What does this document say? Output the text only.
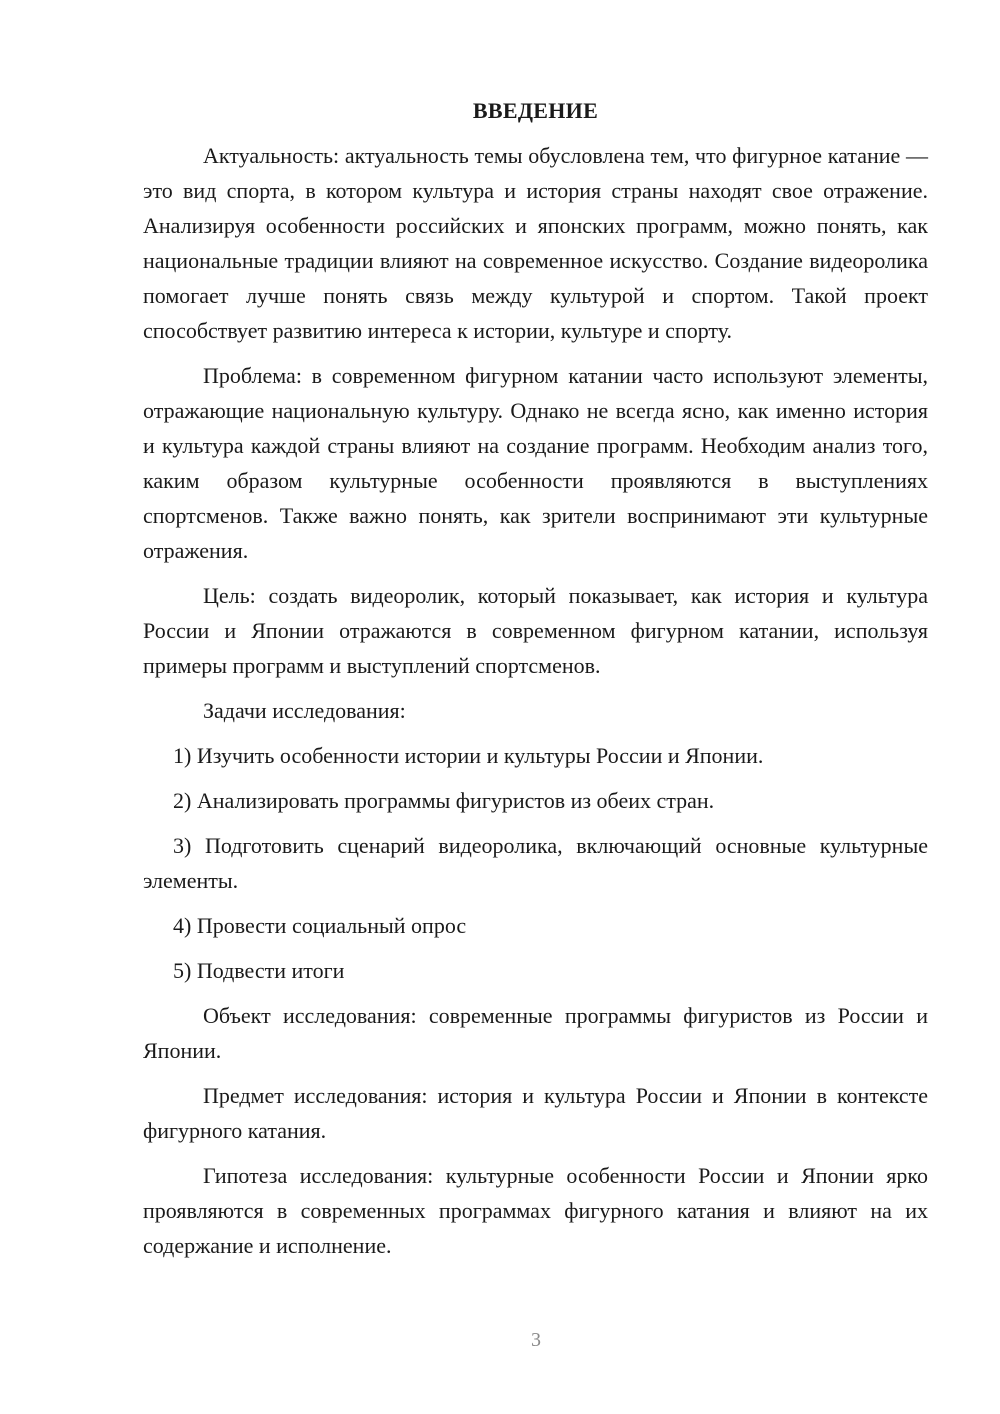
ВВЕДЕНИЕ

Актуальность: актуальность темы обусловлена тем, что фигурное катание — это вид спорта, в котором культура и история страны находят свое отражение. Анализируя особенности российских и японских программ, можно понять, как национальные традиции влияют на современное искусство. Создание видеоролика помогает лучше понять связь между культурой и спортом. Такой проект способствует развитию интереса к истории, культуре и спорту.

Проблема: в современном фигурном катании часто используют элементы, отражающие национальную культуру. Однако не всегда ясно, как именно история и культура каждой страны влияют на создание программ. Необходим анализ того, каким образом культурные особенности проявляются в выступлениях спортсменов. Также важно понять, как зрители воспринимают эти культурные отражения.

Цель: создать видеоролик, который показывает, как история и культура России и Японии отражаются в современном фигурном катании, используя примеры программ и выступлений спортсменов.

Задачи исследования:

1) Изучить особенности истории и культуры России и Японии.

2) Анализировать программы фигуристов из обеих стран.

3) Подготовить сценарий видеоролика, включающий основные культурные элементы.

4) Провести социальный опрос

5) Подвести итоги

Объект исследования: современные программы фигуристов из России и Японии.

Предмет исследования: история и культура России и Японии в контексте фигурного катания.

Гипотеза исследования: культурные особенности России и Японии ярко проявляются в современных программах фигурного катания и влияют на их содержание и исполнение.

3
